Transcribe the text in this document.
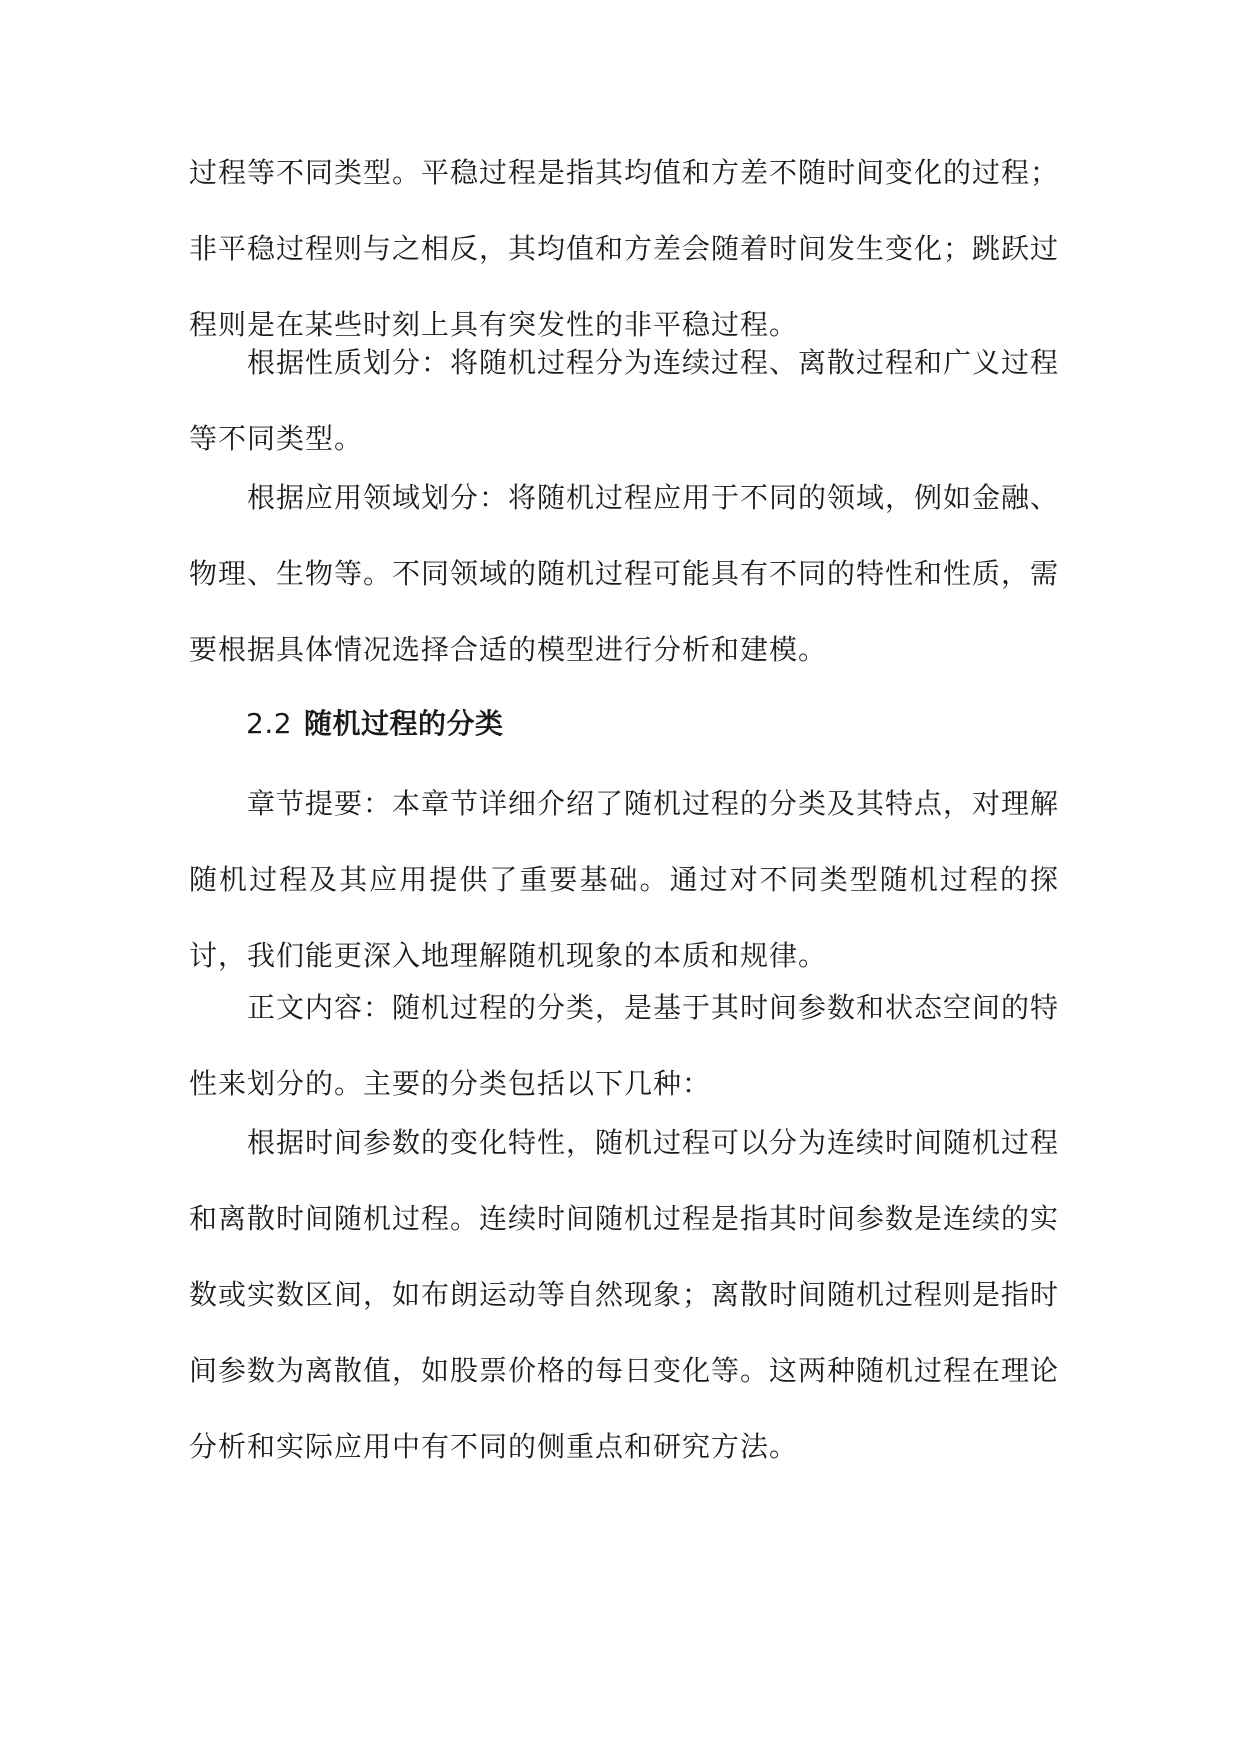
过程等不同类型。平稳过程是指其均值和方差不随时间变化的过程；非平稳过程则与之相反，其均值和方差会随着时间发生变化；跳跃过程则是在某些时刻上具有突发性的非平稳过程。

根据性质划分：将随机过程分为连续过程、离散过程和广义过程等不同类型。

根据应用领域划分：将随机过程应用于不同的领域，例如金融、物理、生物等。不同领域的随机过程可能具有不同的特性和性质，需要根据具体情况选择合适的模型进行分析和建模。

2.2 随机过程的分类

章节提要：本章节详细介绍了随机过程的分类及其特点，对理解随机过程及其应用提供了重要基础。通过对不同类型随机过程的探讨，我们能更深入地理解随机现象的本质和规律。

正文内容：随机过程的分类，是基于其时间参数和状态空间的特性来划分的。主要的分类包括以下几种：

根据时间参数的变化特性，随机过程可以分为连续时间随机过程和离散时间随机过程。连续时间随机过程是指其时间参数是连续的实数或实数区间，如布朗运动等自然现象；离散时间随机过程则是指时间参数为离散值，如股票价格的每日变化等。这两种随机过程在理论分析和实际应用中有不同的侧重点和研究方法。
